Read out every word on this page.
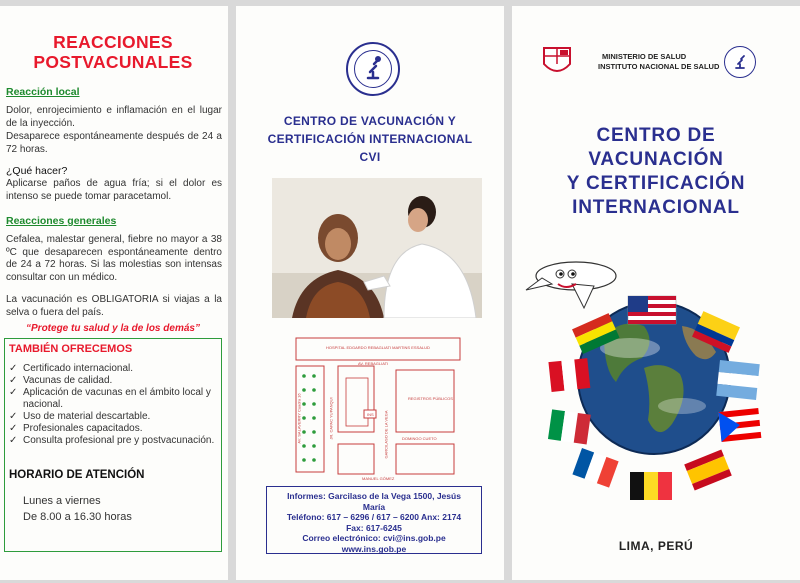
REACCIONES
POSTVACUNALES
Reacción local
Dolor, enrojecimiento e inflamación en el lugar de la inyección.
Desaparece espontáneamente después de 24 a 72 horas.
¿Qué hacer?
Aplicarse paños de agua fría; si el dolor es intenso se puede tomar paracetamol.
Reacciones generales
Cefalea, malestar general, fiebre no mayor a 38 ºC que desaparecen espontáneamente dentro de 24 a 72 horas. Si las molestias son intensas consultar con un médico.
La vacunación es OBLIGATORIA si viajas a la selva o fuera del país.
“Protege tu salud y la de los demás”
TAMBIÉN OFRECEMOS
✓ Certificado internacional.
✓ Vacunas de calidad.
✓ Aplicación de vacunas en el ámbito local y nacional.
✓ Uso de material descartable.
✓ Profesionales capacitados.
✓ Consulta profesional pre y postvacunación.
HORARIO DE ATENCIÓN
Lunes a viernes
De 8.00 a 16.30 horas
CENTRO DE VACUNACIÓN Y
CERTIFICACIÓN INTERNACIONAL
CVI
HOSPITAL EDGARDO REBAGLIATI MARTINS ESSALUD
AV. REBAGLIATI
AV. SALAVERRY Cuadra 16	JR. CAPAC YUPANQUI	GARCILASO DE LA VEGA
REGISTROS PÚBLICOS
DOMINGO CUETO
MANUEL GÓMEZ
INS
Informes: Garcilaso de la Vega 1500, Jesús
María
Teléfono: 617 – 6296 / 617 – 6200 Anx: 2174
Fax: 617-6245
Correo electrónico: cvi@ins.gob.pe
www.ins.gob.pe
MINISTERIO DE SALUD
INSTITUTO NACIONAL DE SALUD
CENTRO DE
VACUNACIÓN
Y CERTIFICACIÓN
INTERNACIONAL
LIMA, PERÚ
